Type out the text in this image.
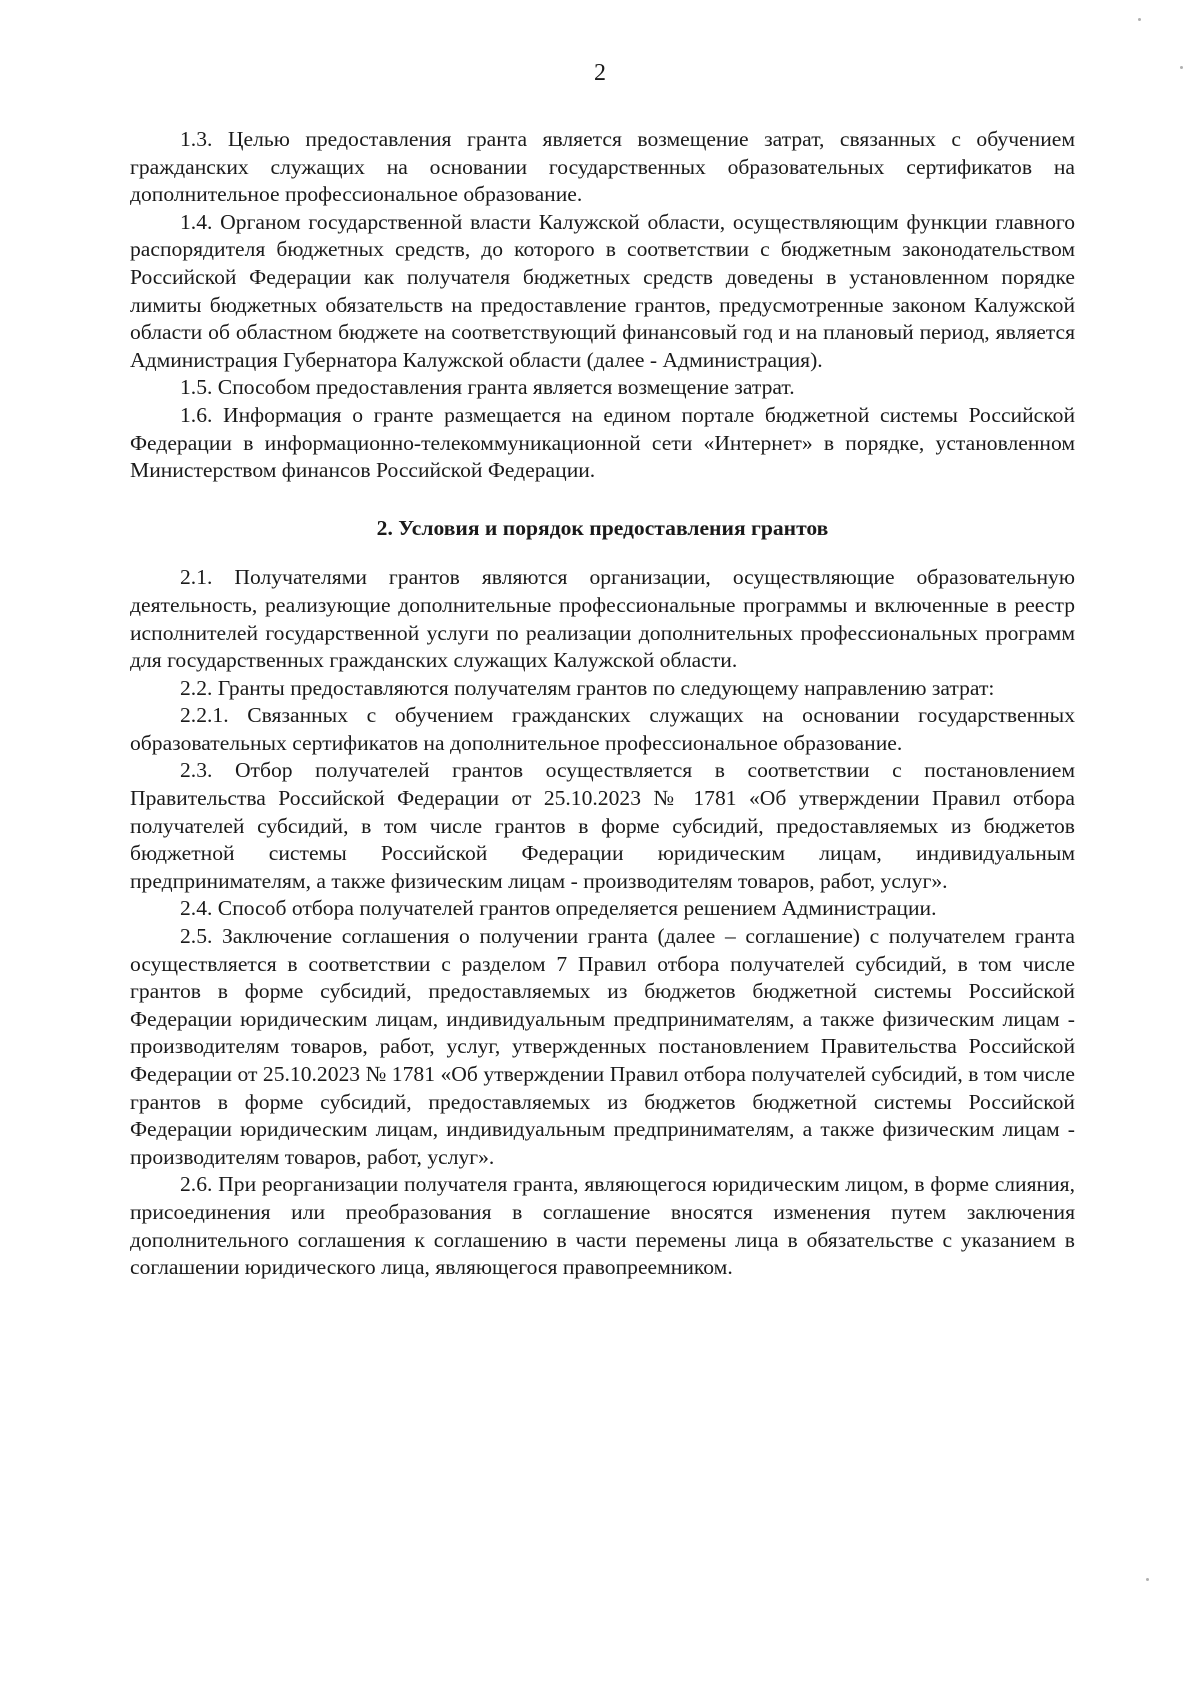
2

1.3. Целью предоставления гранта является возмещение затрат, связанных с обучением гражданских служащих на основании государственных образовательных сертификатов на дополнительное профессиональное образование.

1.4. Органом государственной власти Калужской области, осуществляющим функции главного распорядителя бюджетных средств, до которого в соответствии с бюджетным законодательством Российской Федерации как получателя бюджетных средств доведены в установленном порядке лимиты бюджетных обязательств на предоставление грантов, предусмотренные законом Калужской области об областном бюджете на соответствующий финансовый год и на плановый период, является Администрация Губернатора Калужской области (далее - Администрация).

1.5. Способом предоставления гранта является возмещение затрат.

1.6. Информация о гранте размещается на едином портале бюджетной системы Российской Федерации в информационно-телекоммуникационной сети «Интернет» в порядке, установленном Министерством финансов Российской Федерации.

2. Условия и порядок предоставления грантов

2.1. Получателями грантов являются организации, осуществляющие образовательную деятельность, реализующие дополнительные профессиональные программы и включенные в реестр исполнителей государственной услуги по реализации дополнительных профессиональных программ для государственных гражданских служащих Калужской области.

2.2. Гранты предоставляются получателям грантов по следующему направлению затрат:

2.2.1. Связанных с обучением гражданских служащих на основании государственных образовательных сертификатов на дополнительное профессиональное образование.

2.3. Отбор получателей грантов осуществляется в соответствии с постановлением Правительства Российской Федерации от 25.10.2023 № 1781 «Об утверждении Правил отбора получателей субсидий, в том числе грантов в форме субсидий, предоставляемых из бюджетов бюджетной системы Российской Федерации юридическим лицам, индивидуальным предпринимателям, а также физическим лицам - производителям товаров, работ, услуг».

2.4. Способ отбора получателей грантов определяется решением Администрации.

2.5. Заключение соглашения о получении гранта (далее – соглашение) с получателем гранта осуществляется в соответствии с разделом 7 Правил отбора получателей субсидий, в том числе грантов в форме субсидий, предоставляемых из бюджетов бюджетной системы Российской Федерации юридическим лицам, индивидуальным предпринимателям, а также физическим лицам - производителям товаров, работ, услуг, утвержденных постановлением Правительства Российской Федерации от 25.10.2023 № 1781 «Об утверждении Правил отбора получателей субсидий, в том числе грантов в форме субсидий, предоставляемых из бюджетов бюджетной системы Российской Федерации юридическим лицам, индивидуальным предпринимателям, а также физическим лицам - производителям товаров, работ, услуг».

2.6. При реорганизации получателя гранта, являющегося юридическим лицом, в форме слияния, присоединения или преобразования в соглашение вносятся изменения путем заключения дополнительного соглашения к соглашению в части перемены лица в обязательстве с указанием в соглашении юридического лица, являющегося правопреемником.
